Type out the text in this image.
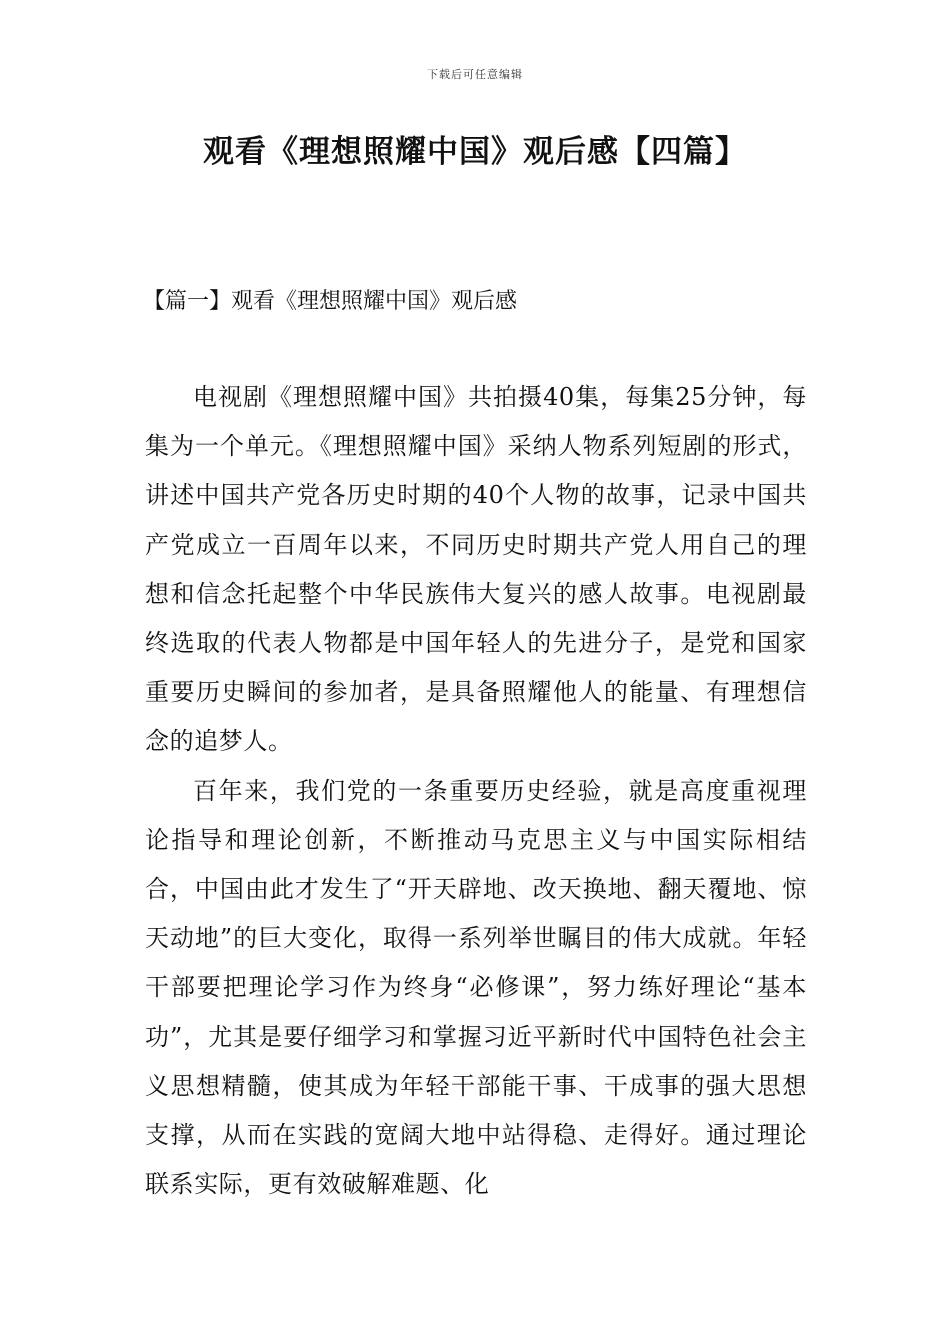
下载后可任意编辑
观看《理想照耀中国》观后感【四篇】
【篇一】观看《理想照耀中国》观后感

电视剧《理想照耀中国》共拍摄40集，每集25分钟，每集为一个单元。《理想照耀中国》采纳人物系列短剧的形式，讲述中国共产党各历史时期的40个人物的故事，记录中国共产党成立一百周年以来，不同历史时期共产党人用自己的理想和信念托起整个中华民族伟大复兴的感人故事。电视剧最终选取的代表人物都是中国年轻人的先进分子，是党和国家重要历史瞬间的参加者，是具备照耀他人的能量、有理想信念的追梦人。

百年来，我们党的一条重要历史经验，就是高度重视理论指导和理论创新，不断推动马克思主义与中国实际相结合，中国由此才发生了“开天辟地、改天换地、翻天覆地、惊天动地”的巨大变化，取得一系列举世瞩目的伟大成就。年轻干部要把理论学习作为终身“必修课”，努力练好理论“基本功”，尤其是要仔细学习和掌握习近平新时代中国特色社会主义思想精髓，使其成为年轻干部能干事、干成事的强大思想支撑，从而在实践的宽阔大地中站得稳、走得好。通过理论联系实际，更有效破解难题、化
